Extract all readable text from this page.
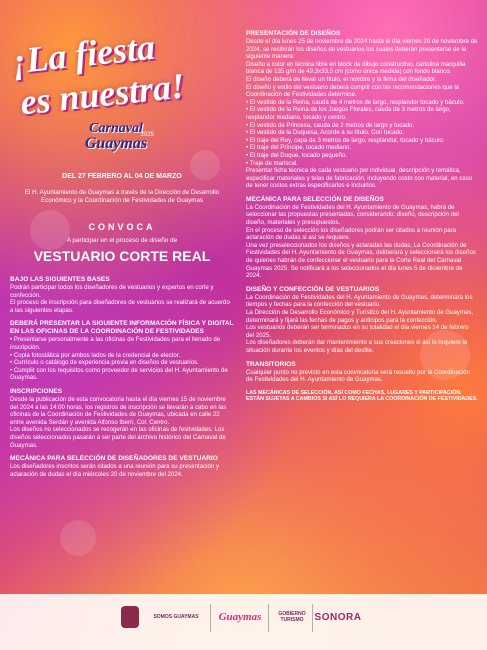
¡La fiesta
es nuestra!
Carnaval
Guaymas
2025
DEL 27 FEBRERO AL 04 DE MARZO
El H. Ayuntamiento de Guaymas a través de la Dirección de Desarrollo Económico y la Coordinación de Festividades de Guaymas
CONVOCA
A participar en el proceso de diseño de
VESTUARIO CORTE REAL
BAJO LAS SIGUIENTES BASES

Podrán participar todos los diseñadores de vestuarios y expertos en corte y confección.

El proceso de inscripción para diseñadores de vestuarios se realizará de acuerdo a las siguientes etapas.

DEBERÁ PRESENTAR LA SIGUIENTE INFORMACIÓN FÍSICA Y DIGITAL EN LAS OFICINAS DE LA COORDINACIÓN DE FESTIVIDADES

• Presentarse personalmente a las oficinas de Festividades para el llenado de inscripción.

• Copia fotostática por ambos lados de la credencial de elector.

• Currículo o catálogo de experiencia previa en diseños de vestuarios.

• Cumplir con los requisitos como proveedor de servicios del H. Ayuntamiento de Guaymas.

INSCRIPCIONES

Desde la publicación de esta convocatoria hasta el día viernes 15 de noviembre del 2024 a las 14:00 horas, los registros de inscripción se llevarán a cabo en las oficinas de la Coordinación de Festividades de Guaymas, ubicada en calle 22 entre avenida Serdán y avenida Alfonso Iberri, Col. Centro.

Los diseños no seleccionados se recogerán en las oficinas de festividades. Los diseños seleccionados pasarán a ser parte del archivo histórico del Carnaval de Guaymas.

MECÁNICA PARA SELECCIÓN DE DISEÑADORES DE VESTUARIO

Los diseñadores inscritos serán citados a una reunión para su presentación y aclaración de dudas el día miércoles 20 de noviembre del 2024.

PRESENTACIÓN DE DISEÑOS

Desde el día lunes 25 de noviembre de 2024 hasta el día viernes 29 de noviembre de 2024, se recibirán los diseños de vestuarios los cuales deberán presentarse de la siguiente manera:

Diseño a color en técnica libre en block de dibujo constructivo, cartulina marquilla blanca de 135 g/m de 49,3x33,5 cm (como única medida) con fondo blanco.

El diseño deberá de llevar un título, el nombre y la firma del diseñador.

El diseño y estilo del vestuario deberá cumplir con las recomendaciones que la Coordinación de Festividades determine.

• El vestido de la Reina, cauda de 4 metros de largo, resplandor tocado y báculo.

• El vestido de la Reina de los Juegos Florales, cauda de 3 metros de largo, resplandor mediano, tocado y centro.

• El vestido de Princesa, cauda de 2 metros de largo y tocado.

• El vestido de la Duquesa, Acorde a su título. Con tocado.

• El traje del Rey, capa de 3 metros de largo, resplandor, tocado y báculo.

• El traje del Príncipe, tocado mediano.

• El traje del Duque, tocado pequeño.

• Traje de mariscal.

Presentar ficha técnica de cada vestuario por individual, descripción y temática, especificar materiales y telas de fabricación, incluyendo costo con material, en caso de tener costos extras especificarlos e incluirlos.

MECÁNICA PARA SELECCIÓN DE DISEÑOS

La Coordinación de Festividades del H. Ayuntamiento de Guaymas, habrá de seleccionar las propuestas presentadas, considerando: diseño, descripción del diseño, materiales y presupuestos.

En el proceso de selección los diseñadores podrán ser citados a reunión para aclaración de dudas si así se requiere.

Una vez preseleccionados los diseños y aclaradas las dudas, La Coordinación de Festividades del H. Ayuntamiento de Guaymas, deliberará y seleccionará los diseños de quienes habrán de confeccionar el vestuario para la Corte Real del Carnaval Guaymas 2025. Se notificará a los seleccionados el día lunes 5 de diciembre de 2024.

DISEÑO Y CONFECCIÓN DE VESTUARIOS

La Coordinación de Festividades del H. Ayuntamiento de Guaymas, determinara los tiempos y fechas para la confección del vestuario.

La Dirección de Desarrollo Económico y Turístico del H. Ayuntamiento de Guaymas, determinará y fijará las fechas de pagos y anticipos para la confección.

Los vestuarios deberán ser terminados en su totalidad el día viernes 14 de febrero del 2025.

Los diseñadores deberán dar mantenimiento a sus creaciones si así lo requiere la situación durante los eventos y días del desfile.

TRANSITORIOS

Cualquier punto no previsto en esta convocatoria será resuelto por la Coordinación de Festividades del H. Ayuntamiento de Guaymas.

LAS MECÁNICAS DE SELECCIÓN, ASÍ COMO FECHAS, LUGARES Y PARTICIPACIÓN, ESTÁN SUJETAS A CAMBIOS SI ASÍ LO REQUIERA LA COORDINACIÓN DE FESTIVIDADES.
SOMOS GUAYMAS Guaymas	GOBIERNO
TURISMO SONORA
